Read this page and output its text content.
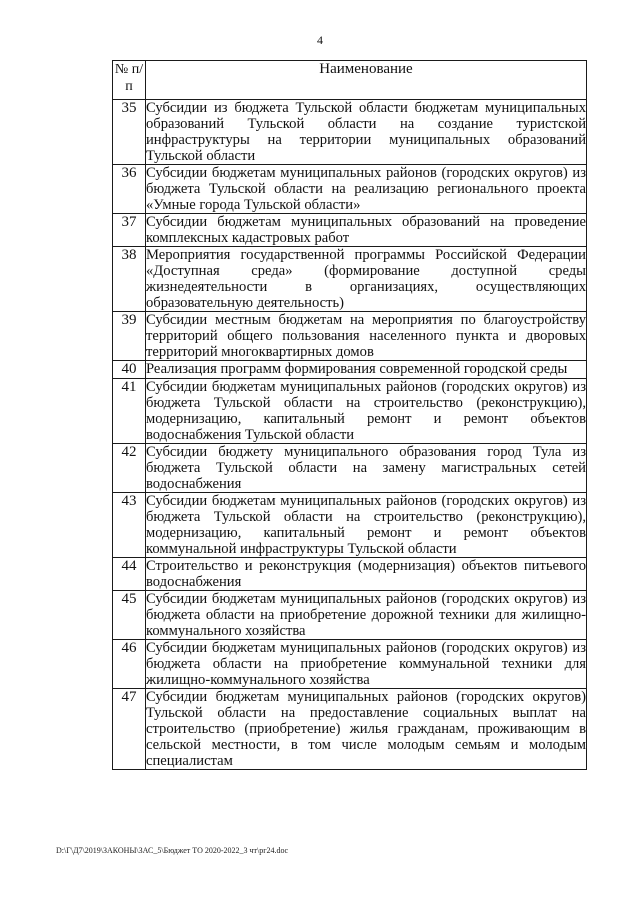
4
№ п/п	Наименование
35	Субсидии из бюджета Тульской области бюджетам муниципальных образований Тульской области на создание туристской инфраструктуры на территории муниципальных образований Тульской области
36	Субсидии бюджетам муниципальных районов (городских округов) из бюджета Тульской области на реализацию регионального проекта «Умные города Тульской области»
37	Субсидии бюджетам муниципальных образований на проведение комплексных кадастровых работ
38	Мероприятия государственной программы Российской Федерации «Доступная среда» (формирование доступной среды жизнедеятельности в организациях, осуществляющих образовательную деятельность)
39	Субсидии местным бюджетам на мероприятия по благоустройству территорий общего пользования населенного пункта и дворовых территорий многоквартирных домов
40	Реализация программ формирования современной городской среды
41	Субсидии бюджетам муниципальных районов (городских округов) из бюджета Тульской области на строительство (реконструкцию), модернизацию, капитальный ремонт и ремонт объектов водоснабжения Тульской области
42	Субсидии бюджету муниципального образования город Тула из бюджета Тульской области на замену магистральных сетей водоснабжения
43	Субсидии бюджетам муниципальных районов (городских округов) из бюджета Тульской области на строительство (реконструкцию), модернизацию, капитальный ремонт и ремонт объектов коммунальной инфраструктуры Тульской области
44	Строительство и реконструкция (модернизация) объектов питьевого водоснабжения
45	Субсидии бюджетам муниципальных районов (городских округов) из бюджета области на приобретение дорожной техники для жилищно-коммунального хозяйства
46	Субсидии бюджетам муниципальных районов (городских округов) из бюджета области на приобретение коммунальной техники для жилищно-коммунального хозяйства
47	Субсидии бюджетам муниципальных районов (городских округов) Тульской области на предоставление социальных выплат на строительство (приобретение) жилья гражданам, проживающим в сельской местности, в том числе молодым семьям и молодым специалистам
D:\Г\Д7\2019\ЗАКОНЫ\ЗАС_5\Бюджет ТО 2020-2022_3 чт\рг24.doc
